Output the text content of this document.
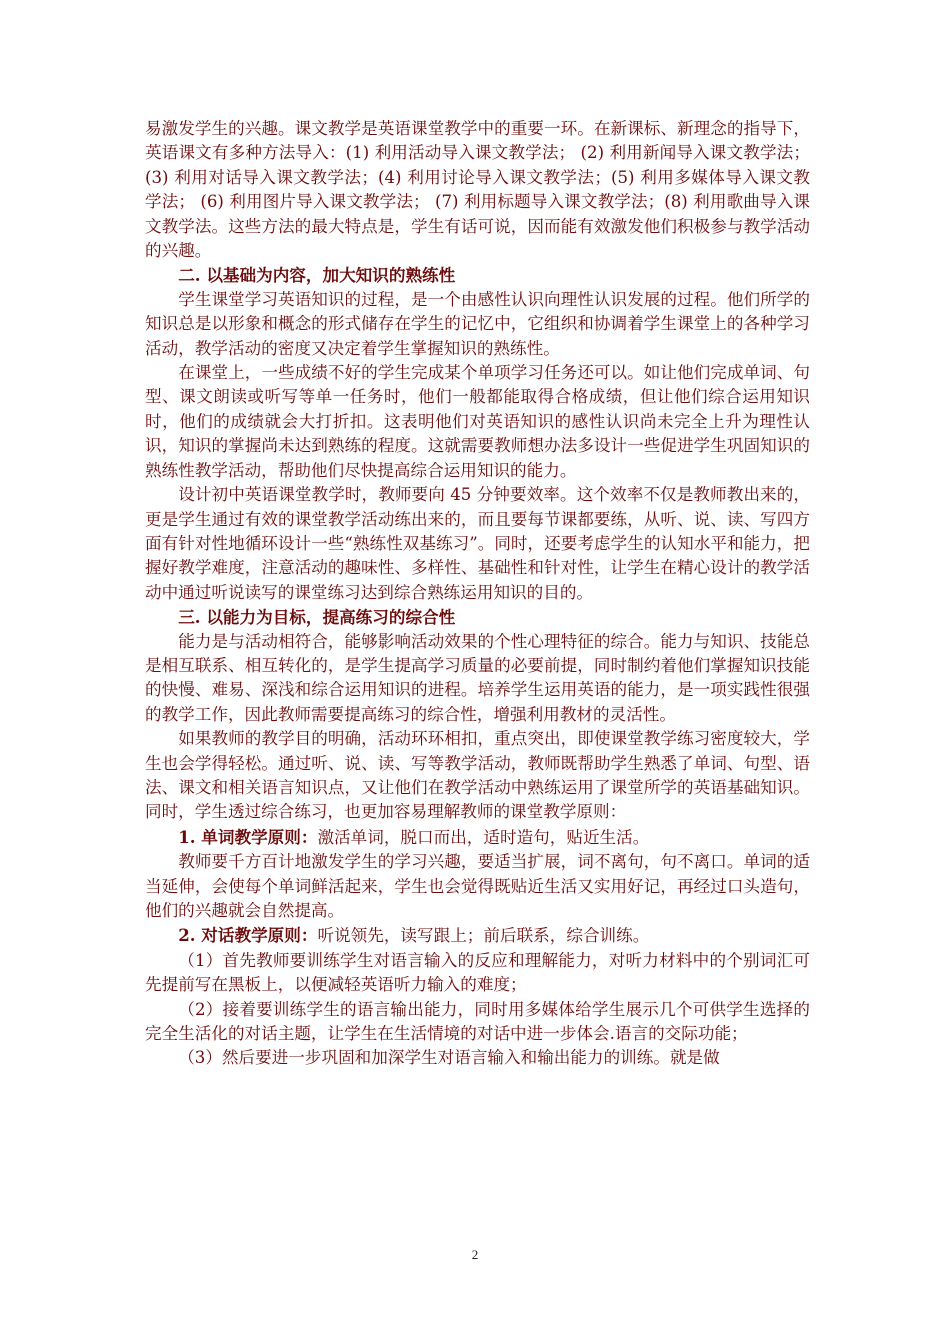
易激发学生的兴趣。课文教学是英语课堂教学中的重要一环。在新课标、新理念的指导下，英语课文有多种方法导入：(1) 利用活动导入课文教学法； (2) 利用新闻导入课文教学法；(3) 利用对话导入课文教学法；(4) 利用讨论导入课文教学法；(5) 利用多媒体导入课文教学法； (6) 利用图片导入课文教学法； (7) 利用标题导入课文教学法；(8) 利用歌曲导入课文教学法。这些方法的最大特点是，学生有话可说，因而能有效激发他们积极参与教学活动的兴趣。

二. 以基础为内容，加大知识的熟练性

学生课堂学习英语知识的过程，是一个由感性认识向理性认识发展的过程。他们所学的知识总是以形象和概念的形式储存在学生的记忆中，它组织和协调着学生课堂上的各种学习活动，教学活动的密度又决定着学生掌握知识的熟练性。

在课堂上，一些成绩不好的学生完成某个单项学习任务还可以。如让他们完成单词、句型、课文朗读或听写等单一任务时，他们一般都能取得合格成绩，但让他们综合运用知识时，他们的成绩就会大打折扣。这表明他们对英语知识的感性认识尚未完全上升为理性认识，知识的掌握尚未达到熟练的程度。这就需要教师想办法多设计一些促进学生巩固知识的熟练性教学活动，帮助他们尽快提高综合运用知识的能力。

设计初中英语课堂教学时，教师要向 45 分钟要效率。这个效率不仅是教师教出来的，更是学生通过有效的课堂教学活动练出来的，而且要每节课都要练，从听、说、读、写四方面有针对性地循环设计一些“熟练性双基练习”。同时，还要考虑学生的认知水平和能力，把握好教学难度，注意活动的趣味性、多样性、基础性和针对性，让学生在精心设计的教学活动中通过听说读写的课堂练习达到综合熟练运用知识的目的。

三. 以能力为目标，提高练习的综合性

能力是与活动相符合，能够影响活动效果的个性心理特征的综合。能力与知识、技能总是相互联系、相互转化的，是学生提高学习质量的必要前提，同时制约着他们掌握知识技能的快慢、难易、深浅和综合运用知识的进程。培养学生运用英语的能力，是一项实践性很强的教学工作，因此教师需要提高练习的综合性，增强利用教材的灵活性。

如果教师的教学目的明确，活动环环相扣，重点突出，即使课堂教学练习密度较大，学生也会学得轻松。通过听、说、读、写等教学活动，教师既帮助学生熟悉了单词、句型、语法、课文和相关语言知识点，又让他们在教学活动中熟练运用了课堂所学的英语基础知识。同时，学生透过综合练习，也更加容易理解教师的课堂教学原则：

1. 单词教学原则：激活单词，脱口而出，适时造句，贴近生活。

教师要千方百计地激发学生的学习兴趣，要适当扩展，词不离句，句不离口。单词的适当延伸，会使每个单词鲜活起来，学生也会觉得既贴近生活又实用好记，再经过口头造句，他们的兴趣就会自然提高。

2. 对话教学原则：听说领先，读写跟上；前后联系，综合训练。

（1）首先教师要训练学生对语言输入的反应和理解能力，对听力材料中的个别词汇可先提前写在黑板上，以便减轻英语听力输入的难度；

（2）接着要训练学生的语言输出能力，同时用多媒体给学生展示几个可供学生选择的完全生活化的对话主题，让学生在生活情境的对话中进一步体会.语言的交际功能；

（3）然后要进一步巩固和加深学生对语言输入和输出能力的训练。就是做

2
